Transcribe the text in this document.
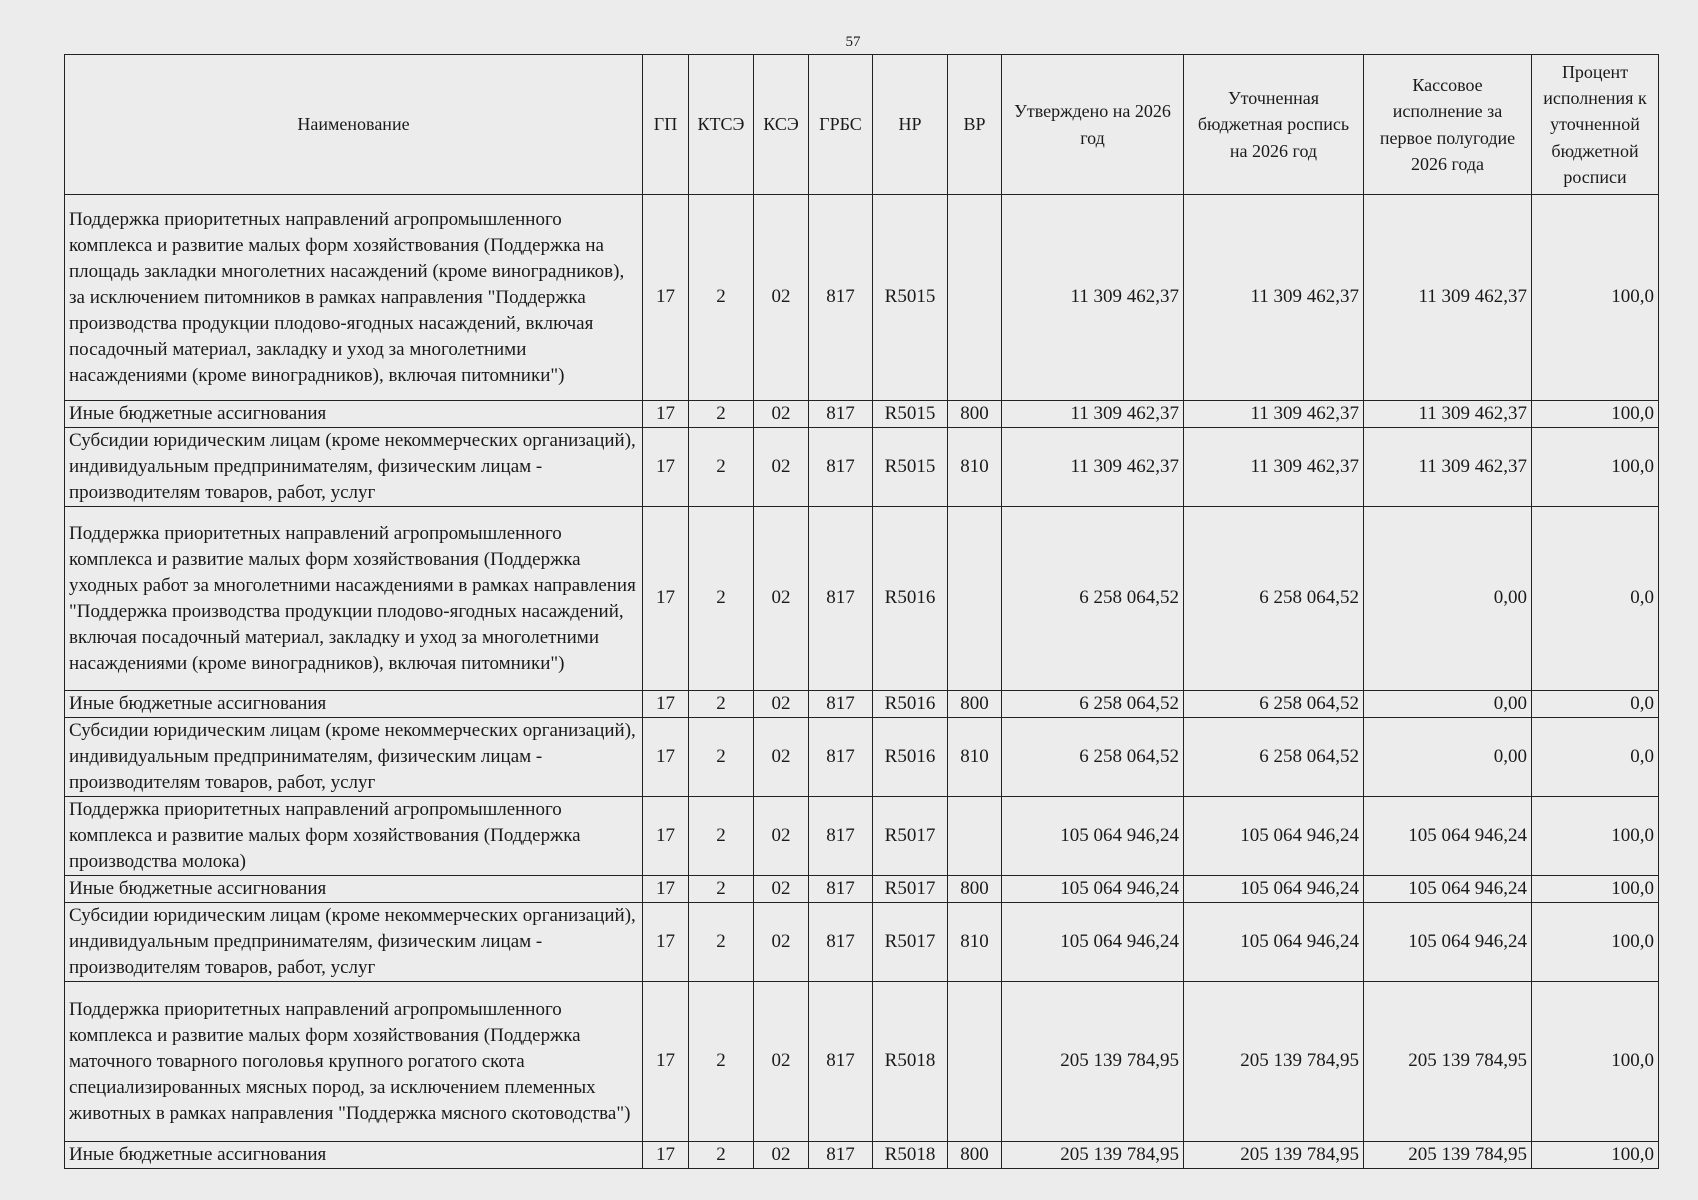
57
Наименование	ГП	КТСЭ	КСЭ	ГРБС	НР	ВР	Утверждено на 2026 год	Уточненная бюджетная роспись на 2026 год	Кассовое исполнение за первое полугодие 2026 года	Процент исполнения к уточненной бюджетной росписи
Поддержка приоритетных направлений агропромышленного комплекса и развитие малых форм хозяйствования (Поддержка на площадь закладки многолетних насаждений (кроме виноградников), за исключением питомников в рамках направления "Поддержка производства продукции плодово-ягодных насаждений, включая посадочный материал, закладку и уход за многолетними насаждениями (кроме виноградников), включая питомники")	17	2	02	817	R5015		11 309 462,37	11 309 462,37	11 309 462,37	100,0
Иные бюджетные ассигнования	17	2	02	817	R5015	800	11 309 462,37	11 309 462,37	11 309 462,37	100,0
Субсидии юридическим лицам (кроме некоммерческих организаций), индивидуальным предпринимателям, физическим лицам - производителям товаров, работ, услуг	17	2	02	817	R5015	810	11 309 462,37	11 309 462,37	11 309 462,37	100,0
Поддержка приоритетных направлений агропромышленного комплекса и развитие малых форм хозяйствования (Поддержка уходных работ за многолетними насаждениями в рамках направления "Поддержка производства продукции плодово-ягодных насаждений, включая посадочный материал, закладку и уход за многолетними насаждениями (кроме виноградников), включая питомники")	17	2	02	817	R5016		6 258 064,52	6 258 064,52	0,00	0,0
Иные бюджетные ассигнования	17	2	02	817	R5016	800	6 258 064,52	6 258 064,52	0,00	0,0
Субсидии юридическим лицам (кроме некоммерческих организаций), индивидуальным предпринимателям, физическим лицам - производителям товаров, работ, услуг	17	2	02	817	R5016	810	6 258 064,52	6 258 064,52	0,00	0,0
Поддержка приоритетных направлений агропромышленного комплекса и развитие малых форм хозяйствования (Поддержка производства молока)	17	2	02	817	R5017		105 064 946,24	105 064 946,24	105 064 946,24	100,0
Иные бюджетные ассигнования	17	2	02	817	R5017	800	105 064 946,24	105 064 946,24	105 064 946,24	100,0
Субсидии юридическим лицам (кроме некоммерческих организаций), индивидуальным предпринимателям, физическим лицам - производителям товаров, работ, услуг	17	2	02	817	R5017	810	105 064 946,24	105 064 946,24	105 064 946,24	100,0
Поддержка приоритетных направлений агропромышленного комплекса и развитие малых форм хозяйствования (Поддержка маточного товарного поголовья крупного рогатого скота специализированных мясных пород, за исключением племенных животных в рамках направления "Поддержка мясного скотоводства")	17	2	02	817	R5018		205 139 784,95	205 139 784,95	205 139 784,95	100,0
Иные бюджетные ассигнования	17	2	02	817	R5018	800	205 139 784,95	205 139 784,95	205 139 784,95	100,0
